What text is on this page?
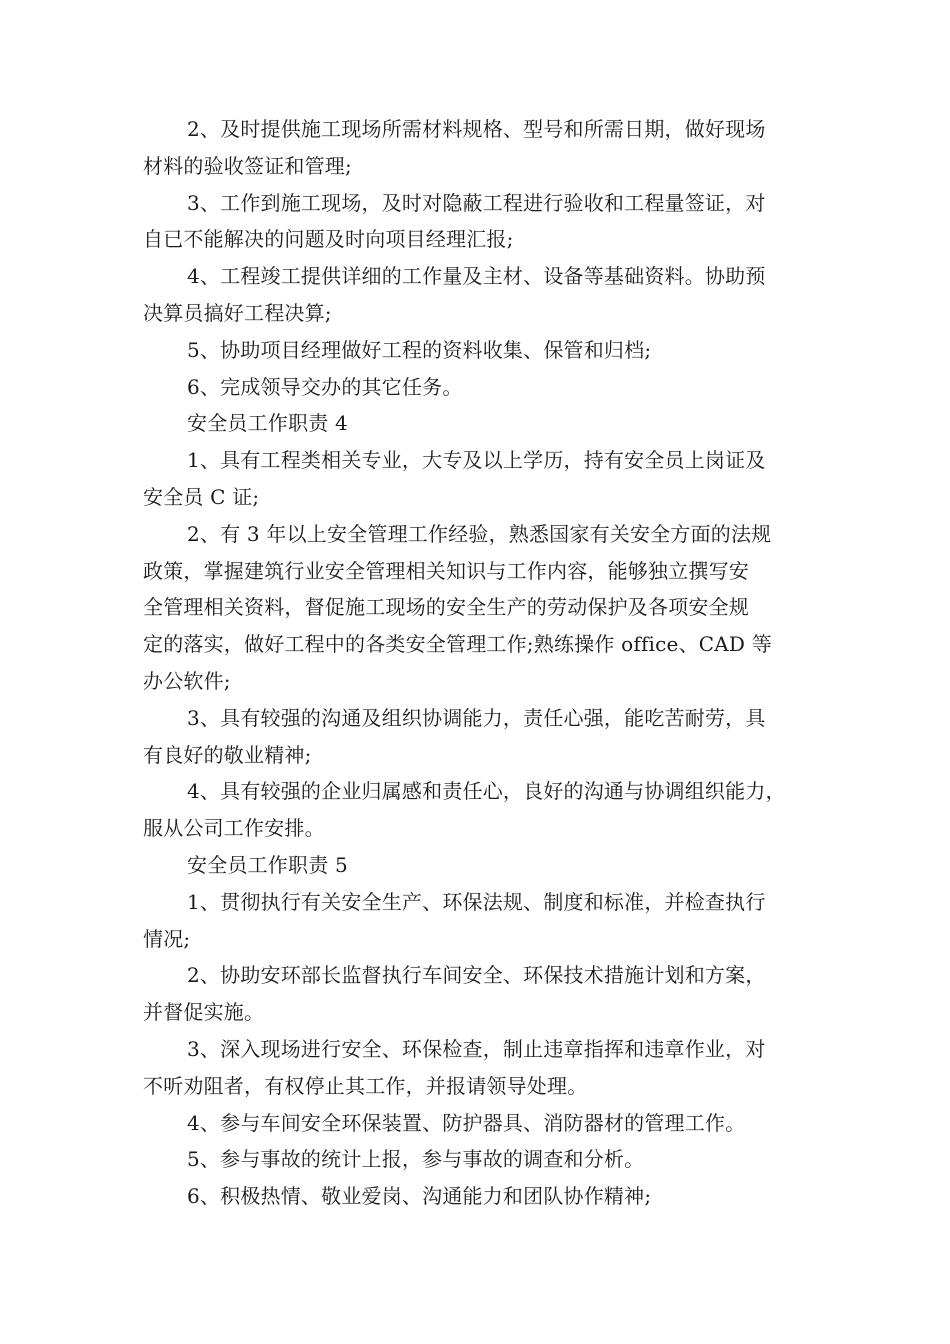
2、及时提供施工现场所需材料规格、型号和所需日期，做好现场
材料的验收签证和管理;

3、工作到施工现场，及时对隐蔽工程进行验收和工程量签证，对
自已不能解决的问题及时向项目经理汇报;

4、工程竣工提供详细的工作量及主材、设备等基础资料。协助预
决算员搞好工程决算;

5、协助项目经理做好工程的资料收集、保管和归档;

6、完成领导交办的其它任务。

安全员工作职责 4

1、具有工程类相关专业，大专及以上学历，持有安全员上岗证及
安全员 C 证;

2、有 3 年以上安全管理工作经验，熟悉国家有关安全方面的法规
政策，掌握建筑行业安全管理相关知识与工作内容，能够独立撰写安
全管理相关资料，督促施工现场的安全生产的劳动保护及各项安全规
定的落实，做好工程中的各类安全管理工作;熟练操作 office、CAD 等
办公软件;

3、具有较强的沟通及组织协调能力，责任心强，能吃苦耐劳，具
有良好的敬业精神;

4、具有较强的企业归属感和责任心，良好的沟通与协调组织能力，
服从公司工作安排。

安全员工作职责 5

1、贯彻执行有关安全生产、环保法规、制度和标准，并检查执行
情况;

2、协助安环部长监督执行车间安全、环保技术措施计划和方案，
并督促实施。

3、深入现场进行安全、环保检查，制止违章指挥和违章作业，对
不听劝阻者，有权停止其工作，并报请领导处理。

4、参与车间安全环保装置、防护器具、消防器材的管理工作。

5、参与事故的统计上报，参与事故的调查和分析。

6、积极热情、敬业爱岗、沟通能力和团队协作精神;
